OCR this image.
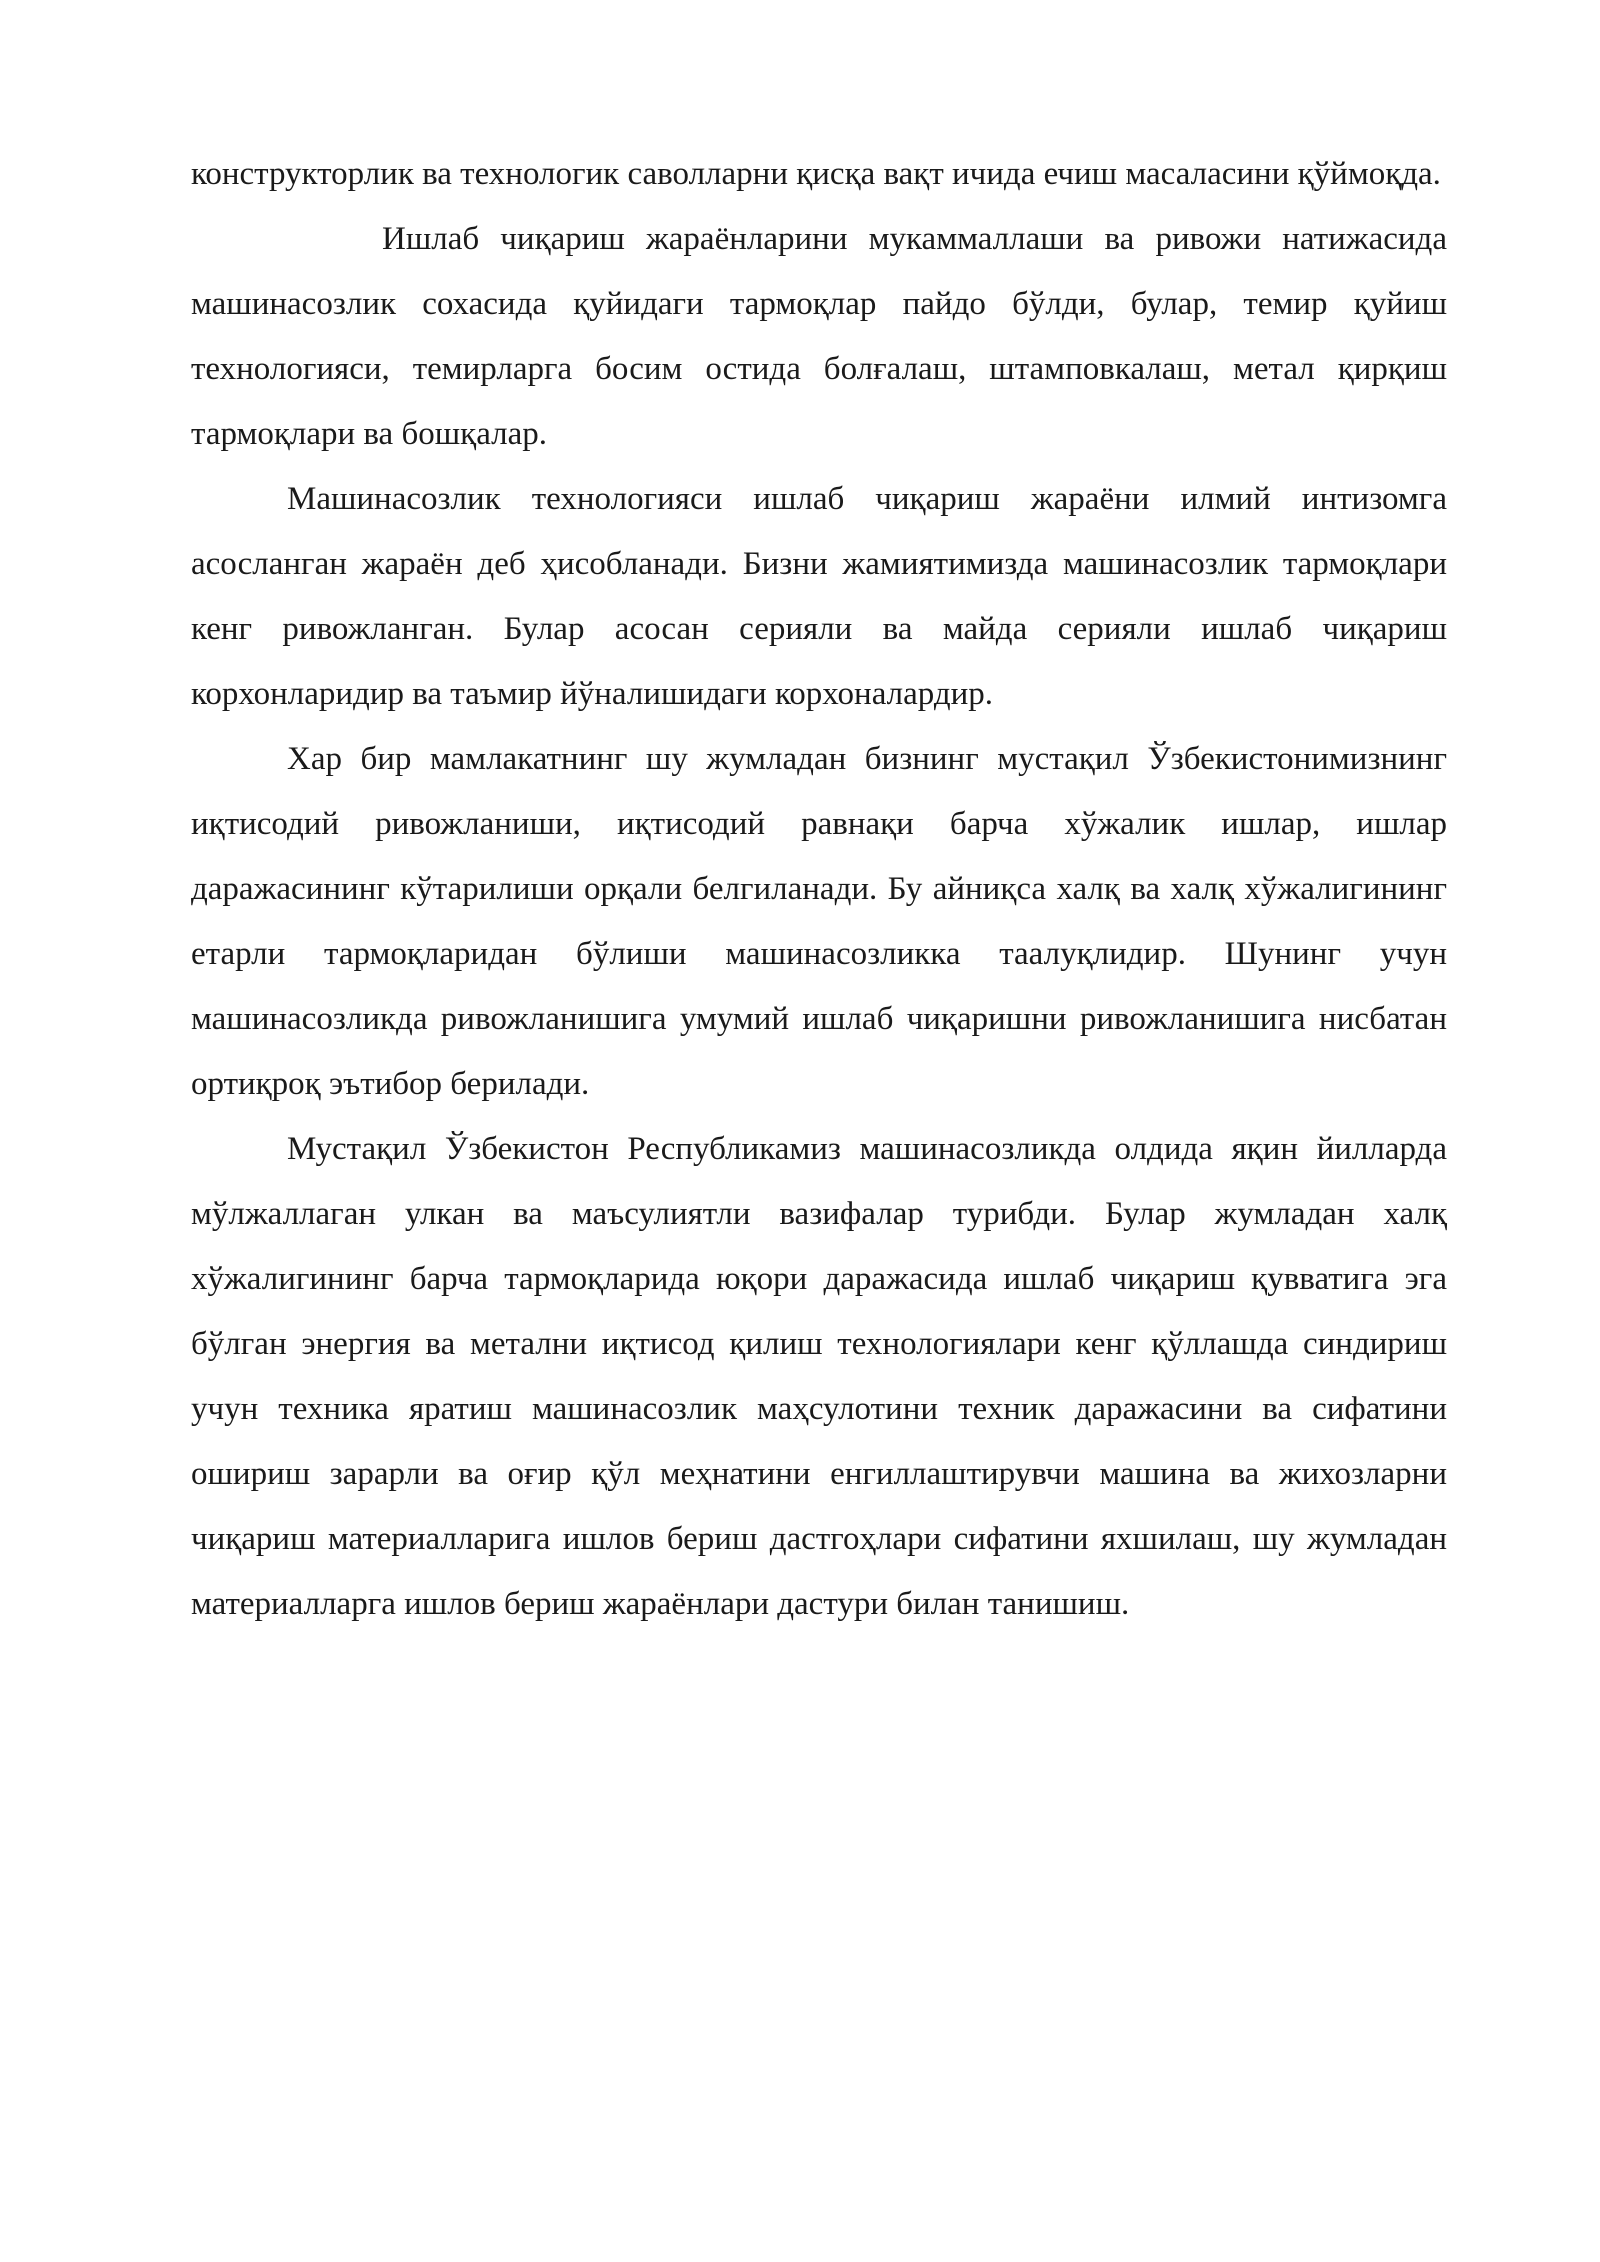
конструкторлик ва технологик саволларни қисқа вақт ичида ечиш масаласини қўймоқда.

Ишлаб чиқариш жараёнларини мукаммаллаши ва ривожи натижасида машинасозлик сохасида қуйидаги тармоқлар пайдо бўлди, булар, темир қуйиш технологияси, темирларга босим остида болғалаш, штамповкалаш, метал қирқиш тармоқлари ва бошқалар.

Машинасозлик технологияси ишлаб чиқариш жараёни илмий интизомга асосланган жараён деб ҳисобланади. Бизни жамиятимизда машинасозлик тармоқлари кенг ривожланган. Булар асосан серияли ва майда серияли ишлаб чиқариш корхонларидир ва таъмир йўналишидаги корхоналардир.

Хар бир мамлакатнинг шу жумладан бизнинг мустақил Ўзбекистонимизнинг иқтисодий ривожланиши, иқтисодий равнақи барча хўжалик ишлар, ишлар даражасининг кўтарилиши орқали белгиланади. Бу айниқса халқ ва халқ хўжалигининг етарли тармоқларидан бўлиши машинасозликка таалуқлидир. Шунинг учун машинасозликда ривожланишига умумий ишлаб чиқаришни ривожланишига нисбатан ортиқроқ эътибор берилади.

Мустақил Ўзбекистон Республикамиз машинасозликда олдида яқин йилларда мўлжаллаган улкан ва маъсулиятли вазифалар турибди. Булар жумладан халқ хўжалигининг барча тармоқларида юқори даражасида ишлаб чиқариш қувватига эга бўлган энергия ва метални иқтисод қилиш технологиялари кенг қўллашда синдириш учун техника яратиш машинасозлик маҳсулотини техник даражасини ва сифатини ошириш зарарли ва оғир қўл меҳнатини енгиллаштирувчи машина ва жихозларни чиқариш материалларига ишлов бериш дастгоҳлари сифатини яхшилаш, шу жумладан материалларга ишлов бериш жараёнлари дастури билан танишиш.
